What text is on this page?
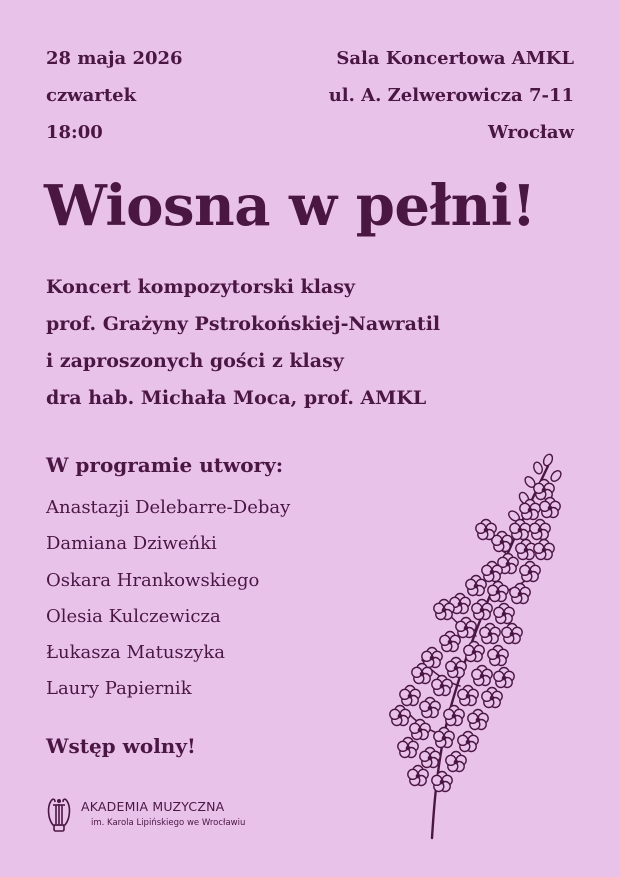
28 maja 2026
czwartek
18:00
Sala Koncertowa AMKL
ul. A. Zelwerowicza 7-11
Wrocław
Wiosna w pełni!
Koncert kompozytorski klasy
prof. Grażyny Pstrokońskiej-Nawratil
i zaproszonych gości z klasy
dra hab. Michała Moca, prof. AMKL
W programie utwory:
Anastazji Delebarre-Debay
Damiana Dziweńki
Oskara Hrankowskiego
Olesia Kulczewicza
Łukasza Matuszyka
Laury Papiernik
Wstęp wolny!
AKADEMIA MUZYCZNA
im. Karola Lipińskiego we Wrocławiu
